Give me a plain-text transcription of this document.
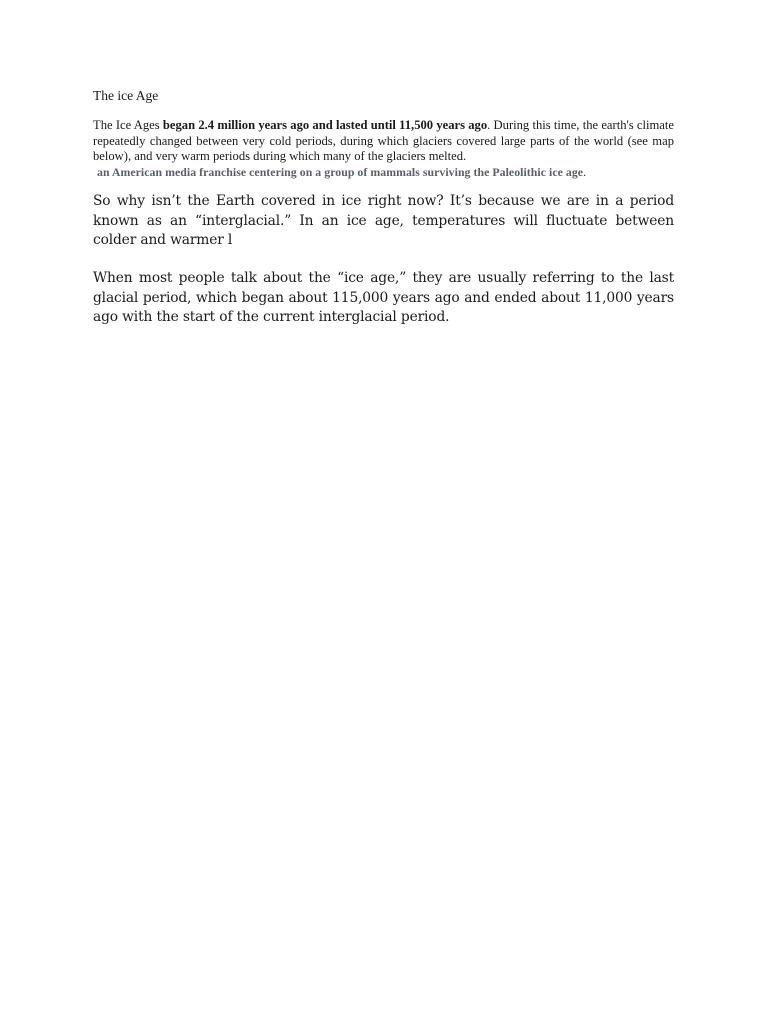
The ice Age

The Ice Ages began 2.4 million years ago and lasted until 11,500 years ago. During this time, the earth's climate repeatedly changed between very cold periods, during which glaciers covered large parts of the world (see map below), and very warm periods during which many of the glaciers melted.
an American media franchise centering on a group of mammals surviving the Paleolithic ice age.

So why isn’t the Earth covered in ice right now? It’s because we are in a period known as an “interglacial.” In an ice age, temperatures will fluctuate between colder and warmer l

When most people talk about the “ice age,” they are usually referring to the last glacial period, which began about 115,000 years ago and ended about 11,000 years ago with the start of the current interglacial period.
